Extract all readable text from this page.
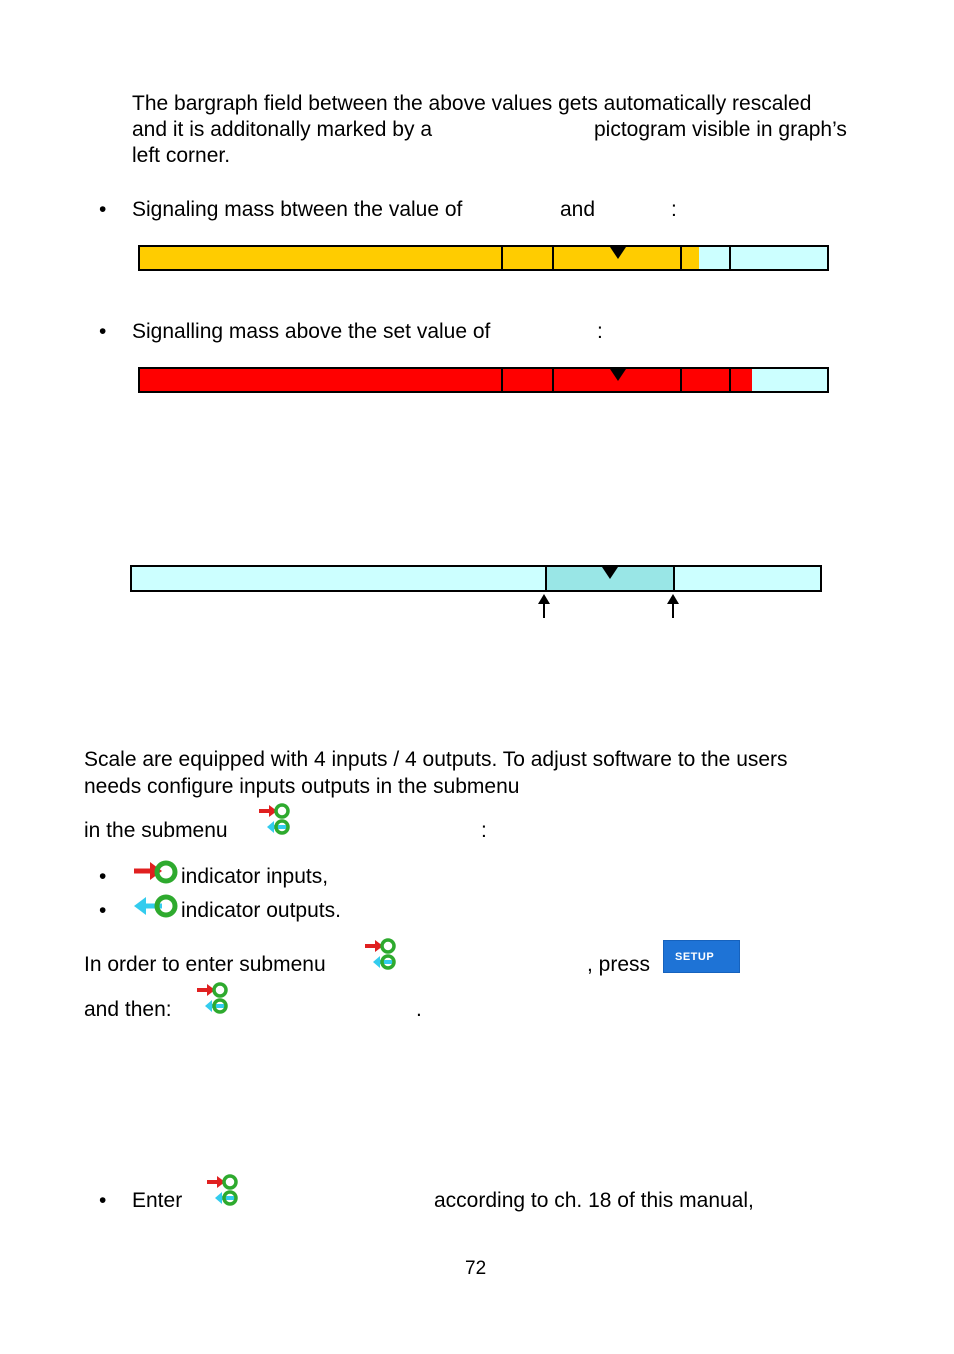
The bargraph field between the above values gets automatically rescaled
and it is additonally marked by a	pictogram visible in graph’s
left corner.
•
Signaling mass btween the value of	and	:
•
Signalling mass above the set value of	:
Scale are equipped with 4 inputs / 4 outputs. To adjust software to the users
needs configure inputs outputs in the submenu
in the submenu	:
•
indicator inputs,
•
indicator outputs.
In order to enter submenu	, press	SETUP
and then:	.
•
Enter	according to ch. 18 of this manual,
72
